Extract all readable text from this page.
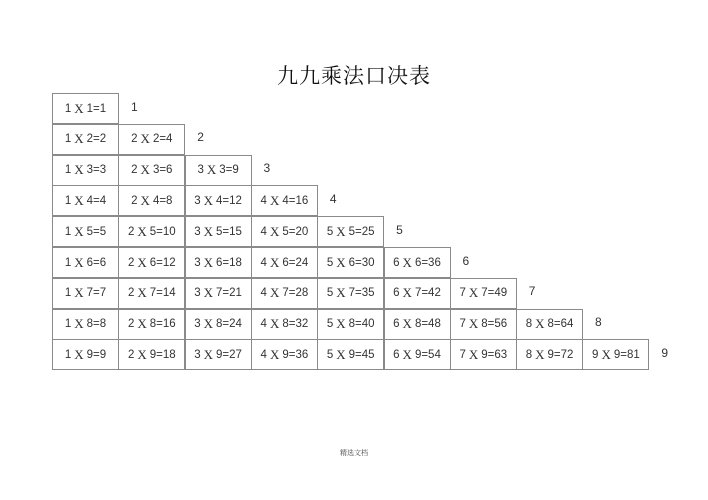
九九乘法口决表
1 X 1=1	1
1 X 2=2 2 X 2=4	2
1 X 3=3 2 X 3=6 3 X 3=9	3
1 X 4=4 2 X 4=8 3 X 4=12 4 X 4=16	4
1 X 5=5 2 X 5=10 3 X 5=15 4 X 5=20 5 X 5=25	5
1 X 6=6 2 X 6=12 3 X 6=18 4 X 6=24 5 X 6=30 6 X 6=36	6
1 X 7=7 2 X 7=14 3 X 7=21 4 X 7=28 5 X 7=35 6 X 7=42 7 X 7=49	7
1 X 8=8 2 X 8=16 3 X 8=24 4 X 8=32 5 X 8=40 6 X 8=48 7 X 8=56 8 X 8=64	8
1 X 9=9 2 X 9=18 3 X 9=27 4 X 9=36 5 X 9=45 6 X 9=54 7 X 9=63 8 X 9=72 9 X 9=81	9
精选文档
